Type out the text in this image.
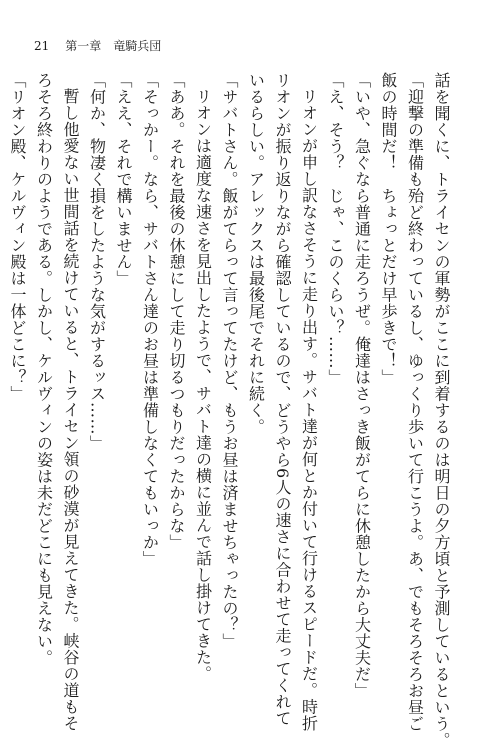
21 第一章 竜騎兵団

話を聞くに、トライセンの軍勢がここに到着するのは明日の夕方頃と予測しているという。

「迎撃の準備も殆ど終わっているし、ゆっくり歩いて行こうよ。あ、でもそろそろお昼ご

飯の時間だ！　ちょっとだけ早歩きで！」

「いや、急ぐなら普通に走ろうぜ。俺達はさっき飯がてらに休憩したから大丈夫だ」

「え、そう？　じゃ、このくらい？……」

リオンが申し訳なさそうに走り出す。サバト達が何とか付いて行けるスピードだ。時折

リオンが振り返りながら確認しているので、どうやら6人の速さに合わせて走ってくれて

いるらしい。アレックスは最後尾でそれに続く。

「サバトさん。飯がてらって言ってたけど、もうお昼は済ませちゃったの？」

リオンは適度な速さを見出したようで、サバト達の横に並んで話し掛けてきた。

「ああ。それを最後の休憩にして走り切るつもりだったからな」

「そっかー。なら、サバトさん達のお昼は準備しなくてもいっか」

「ええ、それで構いません」

「何か、物凄く損をしたような気がするッス……」

暫し他愛ない世間話を続けていると、トライセン領の砂漠が見えてきた。峡谷の道もそ

ろそろ終わりのようである。しかし、ケルヴィンの姿は未だどこにも見えない。

「リオン殿、ケルヴィン殿は一体どこに？」
